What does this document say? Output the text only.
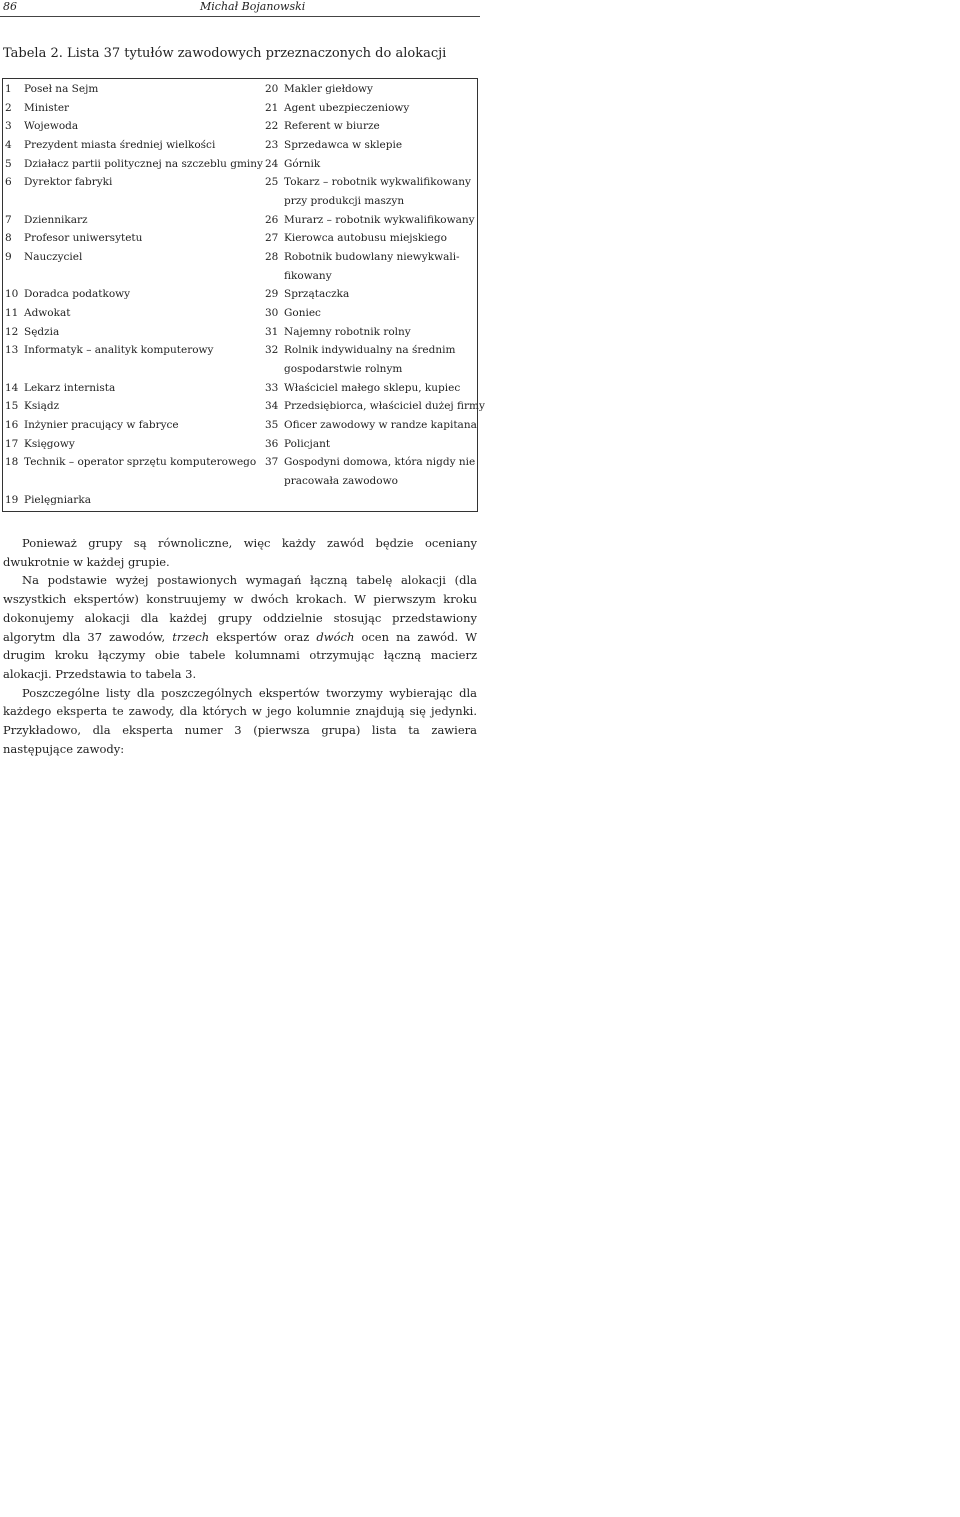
86	Michał Bojanowski
Tabela 2. Lista 37 tytułów zawodowych przeznaczonych do alokacji
1 Poseł na Sejm
2 Minister
3 Wojewoda
4 Prezydent miasta średniej wielkości
5 Działacz partii politycznej na szczeblu gminy
6 Dyrektor fabryki
7 Dziennikarz
8 Profesor uniwersytetu
9 Nauczyciel
10 Doradca podatkowy
11 Adwokat
12 Sędzia
13 Informatyk – analityk komputerowy
14 Lekarz internista
15 Ksiądz
16 Inżynier pracujący w fabryce
17 Księgowy
18 Technik – operator sprzętu komputerowego
19 Pielęgniarka
20 Makler giełdowy
21 Agent ubezpieczeniowy
22 Referent w biurze
23 Sprzedawca w sklepie
24 Górnik
25 Tokarz – robotnik wykwalifikowany
przy produkcji maszyn
26 Murarz – robotnik wykwalifikowany
27 Kierowca autobusu miejskiego
28 Robotnik budowlany niewykwali-
fikowany
29 Sprzątaczka
30 Goniec
31 Najemny robotnik rolny
32 Rolnik indywidualny na średnim
gospodarstwie rolnym
33 Właściciel małego sklepu, kupiec
34 Przedsiębiorca, właściciel dużej firmy
35 Oficer zawodowy w randze kapitana
36 Policjant
37 Gospodyni domowa, która nigdy nie
pracowała zawodowo

Ponieważ grupy są równoliczne, więc każdy zawód będzie oceniany dwukrotnie w każdej grupie.

Na podstawie wyżej postawionych wymagań łączną tabelę alokacji (dla wszystkich ekspertów) konstruujemy w dwóch krokach. W pierwszym kroku dokonujemy alokacji dla każdej grupy oddzielnie stosując przedstawiony algorytm dla 37 zawodów, trzech ekspertów oraz dwóch ocen na zawód. W drugim kroku łączymy obie tabele kolumnami otrzymując łączną macierz alokacji. Przedstawia to tabela 3.

Poszczególne listy dla poszczególnych ekspertów tworzymy wybierając dla każdego eksperta te zawody, dla których w jego kolumnie znajdują się jedynki. Przykładowo, dla eksperta numer 3 (pierwsza grupa) lista ta zawiera następujące zawody:
